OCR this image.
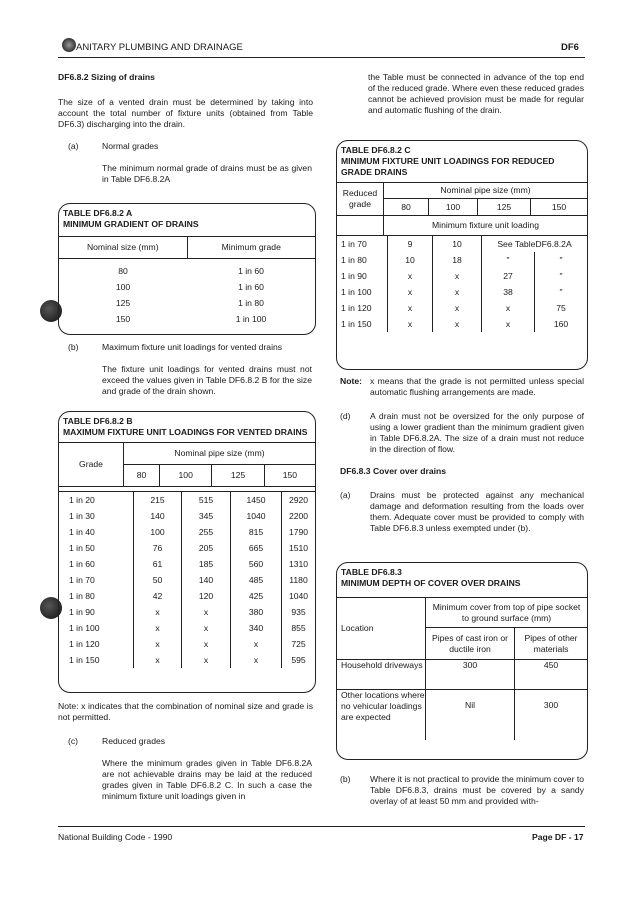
ANITARY PLUMBING AND DRAINAGE	DF6
DF6.8.2 Sizing of drains

The size of a vented drain must be determined by taking into account the total number of fixture units (obtained from Table DF6.3) discharging into the drain.

(a)	Normal grades

The minimum normal grade of drains must be as given in Table DF6.8.2A

TABLE DF6.8.2 A
MINIMUM GRADIENT OF DRAINS
Nominal size (mm)	Minimum grade

80	1 in 60
100	1 in 60
125	1 in 80
150	1 in 100
(b)	Maximum fixture unit loadings for vented drains

The fixture unit loadings for vented drains must not exceed the values given in Table DF6.8.2 B for the size and grade of the drain shown.

TABLE DF6.8.2 B
MAXIMUM FIXTURE UNIT LOADINGS FOR VENTED DRAINS
Grade	Nominal pipe size (mm)			
	80	100	125	150

1 in 20	215	515	1450	2920
1 in 30	140	345	1040	2200
1 in 40	100	255	815	1790
1 in 50	76	205	665	1510
1 in 60	61	185	560	1310
1 in 70	50	140	485	1180
1 in 80	42	120	425	1040
1 in 90	x	x	380	935
1 in 100	x	x	340	855
1 in 120	x	x	x	725
1 in 150	x	x	x	595

Note: x indicates that the combination of nominal size and grade is not permitted.

(c)	Reduced grades

Where the minimum grades given in Table DF6.8.2A are not achievable drains may be laid at the reduced grades given in Table DF6.8.2 C. In such a case the minimum fixture unit loadings given in

the Table must be connected in advance of the top end of the reduced grade. Where even these reduced grades cannot be achieved provision must be made for regular and automatic flushing of the drain.

TABLE DF6.8.2 C
MINIMUM FIXTURE UNIT LOADINGS FOR REDUCED GRADE DRAINS
Reduced grade	Nominal pipe size (mm)			
	80	100	125	150
	Minimum fixture unit loading			
1 in 70	9	10	See TableDF6.8.2A	
1 in 80	10	18	"	"
1 in 90	x	x	27	"
1 in 100	x	x	38	"
1 in 120	x	x	x	75
1 in 150	x	x	x	160
Note: x means that the grade is not permitted unless special automatic flushing arrangements are made.

(d) A drain must not be oversized for the only purpose of using a lower gradient than the minimum gradient given in Table DF6.8.2A. The size of a drain must not reduce in the direction of flow.

DF6.8.3 Cover over drains
(a) Drains must be protected against any mechanical damage and deformation resulting from the loads over them. Adequate cover must be provided to comply with Table DF6.8.3 unless exempted under (b).

TABLE DF6.8.3
MINIMUM DEPTH OF COVER OVER DRAINS
Location	Minimum cover from top of pipe socket to ground surface (mm)	
	Pipes of cast iron or ductile iron	Pipes of other materials
Household driveways	300	450
Other locations where no vehicular loadings are expected	Nil	300
(b) Where it is not practical to provide the minimum cover to Table DF6.8.3, drains must be covered by a sandy overlay of at least 50 mm and provided with-

National Building Code - 1990	Page DF - 17
